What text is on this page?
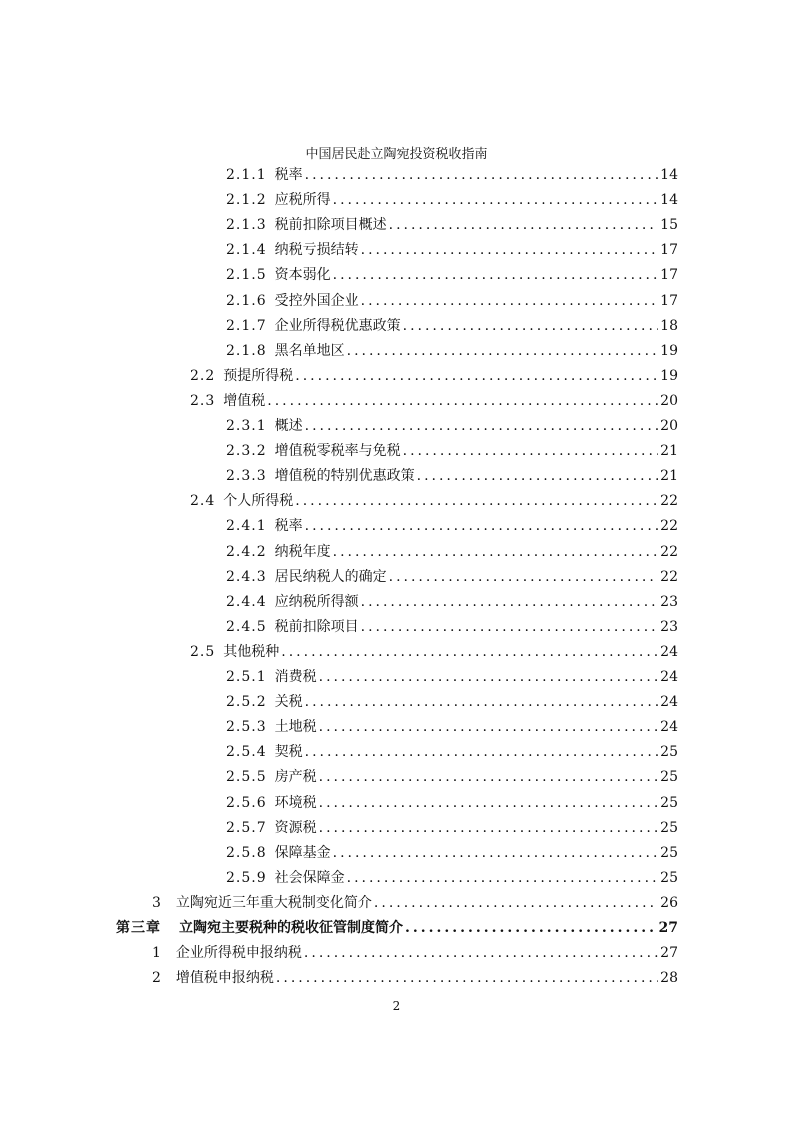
中国居民赴立陶宛投资税收指南
2.1.1 税率 .....	14
2.1.2 应税所得 .....	14
2.1.3 税前扣除项目概述 .....	15
2.1.4 纳税亏损结转 .....	17
2.1.5 资本弱化 .....	17
2.1.6 受控外国企业 .....	17
2.1.7 企业所得税优惠政策 .....	18
2.1.8 黑名单地区 .....	19
2.2 预提所得税 .....	19
2.3 增值税 .....	20
2.3.1 概述 .....	20
2.3.2 增值税零税率与免税 .....	21
2.3.3 增值税的特别优惠政策 .....	21
2.4 个人所得税 .....	22
2.4.1 税率 .....	22
2.4.2 纳税年度 .....	22
2.4.3 居民纳税人的确定 .....	22
2.4.4 应纳税所得额 .....	23
2.4.5 税前扣除项目 .....	23
2.5 其他税种 .....	24
2.5.1 消费税 .....	24
2.5.2 关税 .....	24
2.5.3 土地税 .....	24
2.5.4 契税 .....	25
2.5.5 房产税 .....	25
2.5.6 环境税 .....	25
2.5.7 资源税 .....	25
2.5.8 保障基金 .....	25
2.5.9 社会保障金 .....	25
3 立陶宛近三年重大税制变化简介 .....	26
第三章 立陶宛主要税种的税收征管制度简介 .....	27
1 企业所得税申报纳税 .....	27
2 增值税申报纳税 .....	28
2
